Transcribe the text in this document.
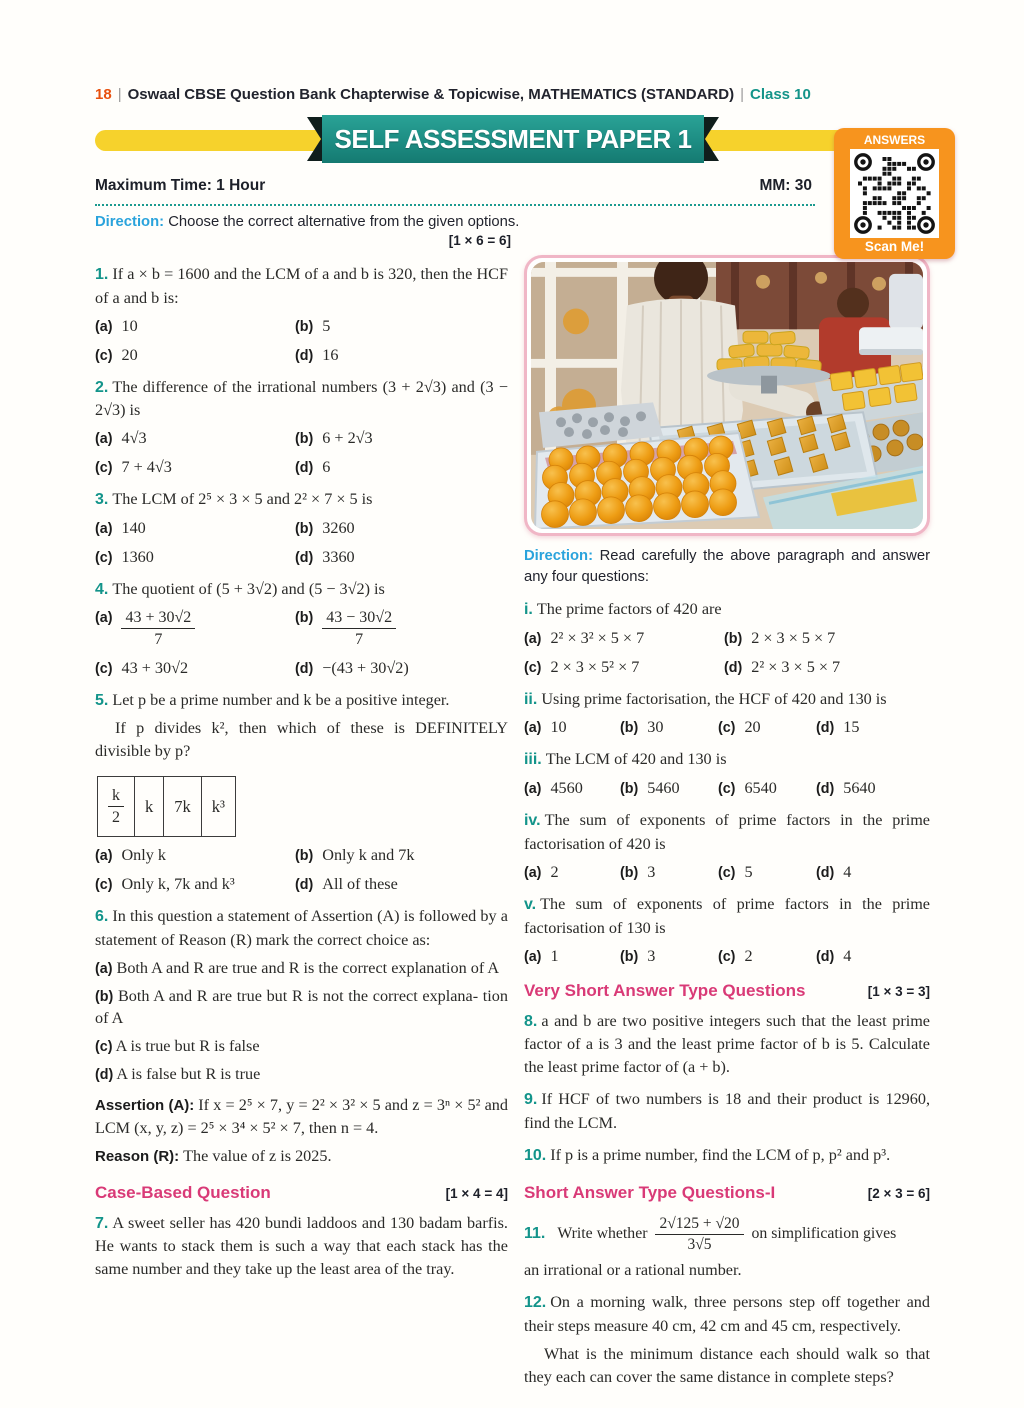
18 | Oswaal CBSE Question Bank Chapterwise & Topicwise, MATHEMATICS (STANDARD) | Class 10
SELF ASSESSMENT PAPER 1	ANSWERS
Scan Me!
Maximum Time: 1 Hour	MM: 30
Direction: Choose the correct alternative from the given options.
[1 × 6 = 6]

1. If a × b = 1600 and the LCM of a and b is 320, then the HCF of a and b is:

(a) 10	(b) 5
(c) 20	(d) 16

2. The difference of the irrational numbers (3 + 2√3) and (3 − 2√3) is

(a) 4√3	(b) 6 + 2√3
(c) 7 + 4√3	(d) 6

3. The LCM of 2⁵ × 3 × 5 and 2² × 7 × 5 is

(a) 140	(b) 3260
(c) 1360	(d) 3360

4. The quotient of (5 + 3√2) and (5 − 3√2) is

$(a) \frac{43 + 30√2}{7}$	$(b) \frac{43 - 30√2}{7}$
(c) 43 + 30√2	(d) −(43 + 30√2)

5. Let p be a prime number and k be a positive integer.

If p divides k², then which of these is DEFINITELY divisible by p?

$\frac{k}{2}$	k	7k	k³
(a) Only k	(b) Only k and 7k
(c) Only k, 7k and k³	(d) All of these

6. In this question a statement of Assertion (A) is followed by a statement of Reason (R) mark the correct choice as:

(a) Both A and R are true and R is the correct explanation of A

(b) Both A and R are true but R is not the correct explana- tion of A

(c) A is true but R is false

(d) A is false but R is true

Assertion (A): If x = 2⁵ × 7, y = 2² × 3² × 5 and z = 3ⁿ × 5² and LCM (x, y, z) = 2⁵ × 3⁴ × 5² × 7, then n = 4.

Reason (R): The value of z is 2025.

Case-Based Question	[1 × 4 = 4]

7. A sweet seller has 420 bundi laddoos and 130 badam barfis. He wants to stack them is such a way that each stack has the same number and they take up the least area of the tray.

Direction: Read carefully the above paragraph and answer any four questions:

i. The prime factors of 420 are

(a) 2² × 3² × 5 × 7	(b) 2 × 3 × 5 × 7
(c) 2 × 3 × 5² × 7	(d) 2² × 3 × 5 × 7

ii. Using prime factorisation, the HCF of 420 and 130 is

(a) 10	(b) 30	(c) 20	(d) 15

iii. The LCM of 420 and 130 is

(a) 4560	(b) 5460	(c) 6540	(d) 5640

iv. The sum of exponents of prime factors in the prime factorisation of 420 is

(a) 2	(b) 3	(c) 5	(d) 4

v. The sum of exponents of prime factors in the prime factorisation of 130 is

(a) 1	(b) 3	(c) 2	(d) 4
Very Short Answer Type Questions	[1 × 3 = 3]

8. a and b are two positive integers such that the least prime factor of a is 3 and the least prime factor of b is 5. Calculate the least prime factor of (a + b).

9. If HCF of two numbers is 18 and their product is 12960, find the LCM.

10. If p is a prime number, find the LCM of p, p² and p³.

Short Answer Type Questions-I	[2 × 3 = 6]
11. Write whether $\frac{2√125 + √20}{3√5}$ on simplification gives

an irrational or a rational number.

12. On a morning walk, three persons step off together and their steps measure 40 cm, 42 cm and 45 cm, respectively.

What is the minimum distance each should walk so that they each can cover the same distance in complete steps?
